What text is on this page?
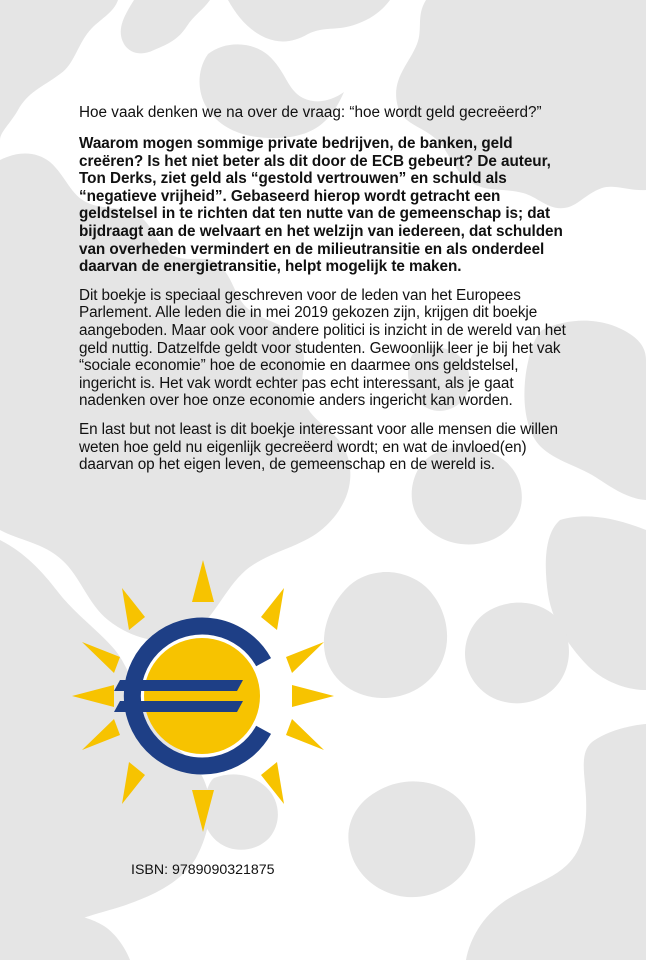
Hoe vaak denken we na over de vraag: “hoe wordt geld gecreëerd?”

Waarom mogen sommige private bedrijven, de banken, geld creëren? Is het niet beter als dit door de ECB gebeurt? De auteur, Ton Derks, ziet geld als “gestold vertrouwen” en schuld als “negatieve vrijheid”. Gebaseerd hierop wordt getracht een geldstelsel in te richten dat ten nutte van de gemeenschap is; dat bijdraagt aan de welvaart en het welzijn van iedereen, dat schulden van overheden vermindert en de milieutransitie en als onderdeel daarvan de energietransitie, helpt mogelijk te maken.

Dit boekje is speciaal geschreven voor de leden van het Europees Parlement. Alle leden die in mei 2019 gekozen zijn, krijgen dit boekje aangeboden. Maar ook voor andere politici is inzicht in de wereld van het geld nuttig. Datzelfde geldt voor studenten. Gewoonlijk leer je bij het vak “sociale economie” hoe de economie en daarmee ons geldstelsel, ingericht is. Het vak wordt echter pas echt interessant, als je gaat nadenken over hoe onze economie anders ingericht kan worden.

En last but not least is dit boekje interessant voor alle mensen die willen weten hoe geld nu eigenlijk gecreëerd wordt; en wat de invloed(en) daarvan op het eigen leven, de gemeenschap en de wereld is.

ISBN: 9789090321875
